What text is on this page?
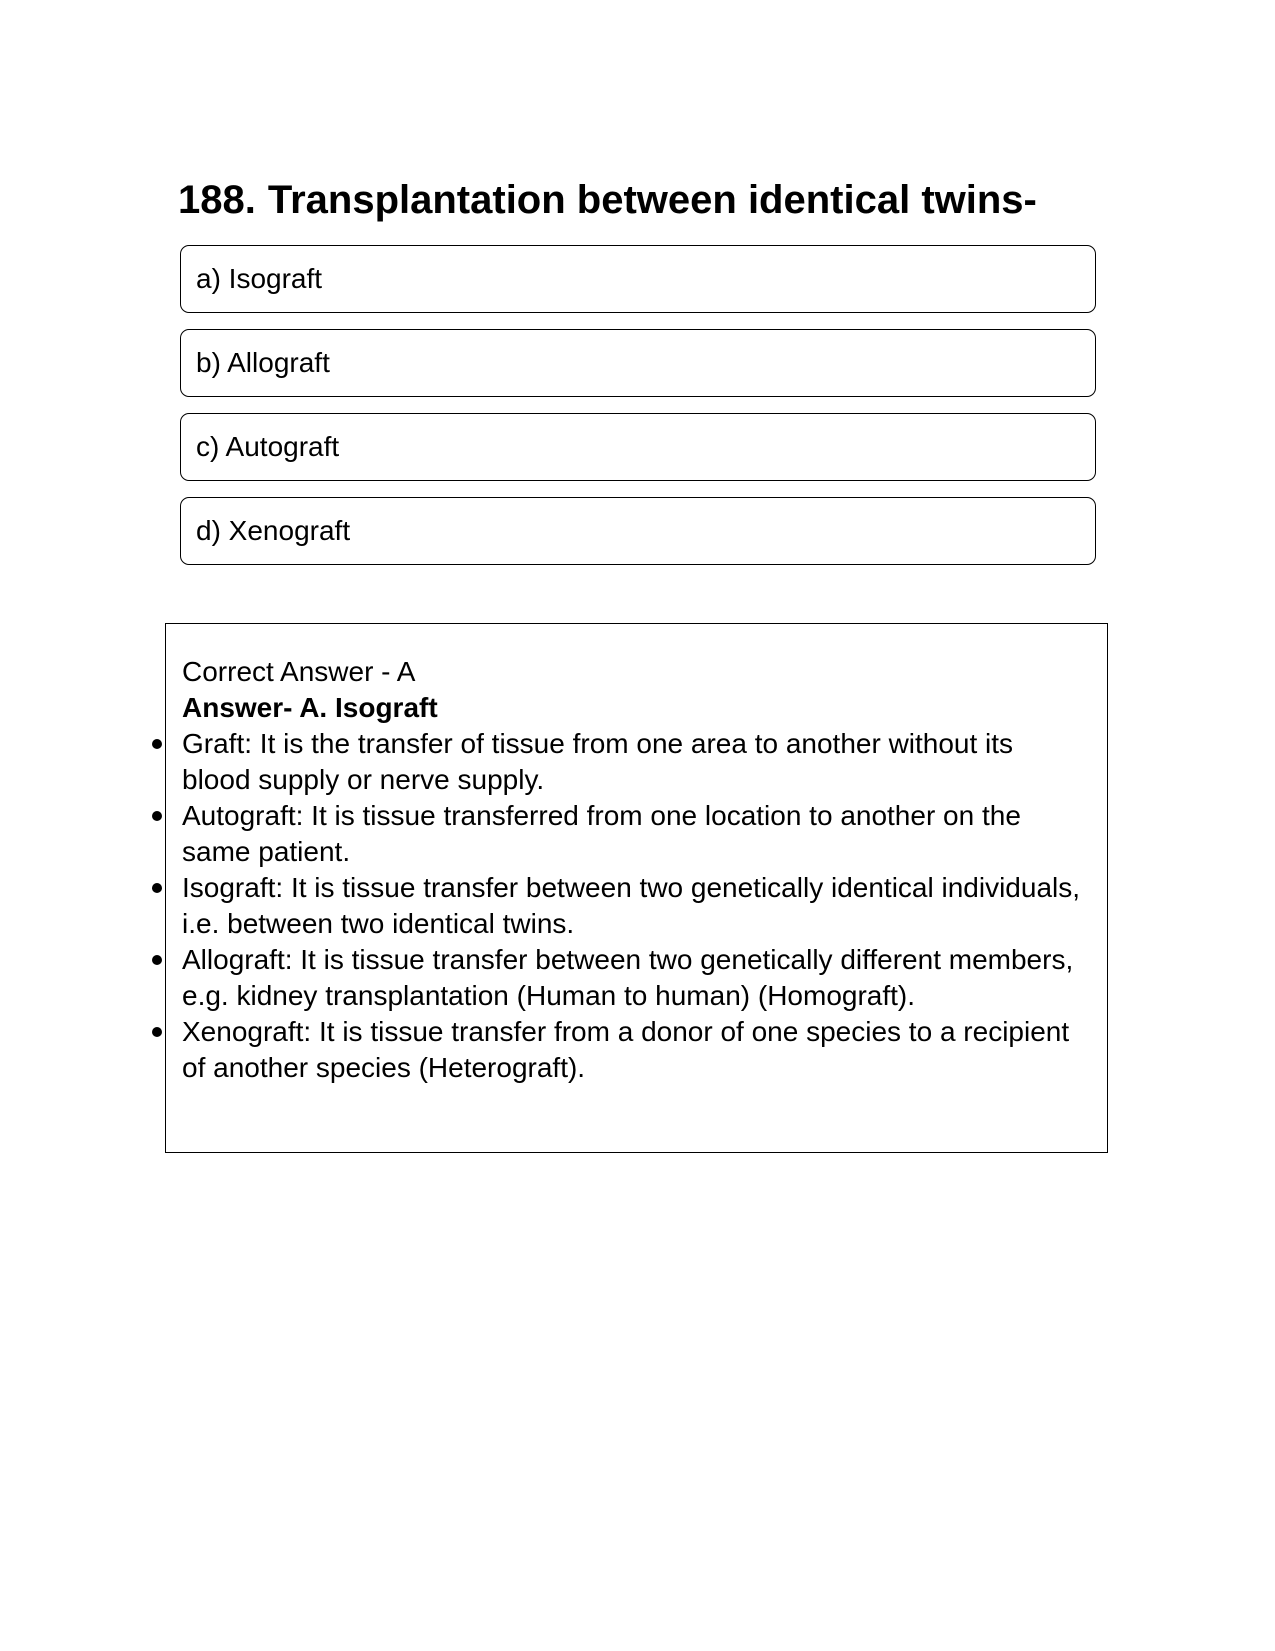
188. Transplantation between identical twins-
a) Isograft
b) Allograft
c) Autograft
d) Xenograft

Correct Answer - A

Answer- A. Isograft

Graft: It is the transfer of tissue from one area to another without its blood supply or nerve supply.
Autograft: It is tissue transferred from one location to another on the same patient.
Isograft: It is tissue transfer between two genetically identical individuals, i.e. between two identical twins.
Allograft: It is tissue transfer between two genetically different members, e.g. kidney transplantation (Human to human) (Homograft).
Xenograft: It is tissue transfer from a donor of one species to a recipient of another species (Heterograft).
